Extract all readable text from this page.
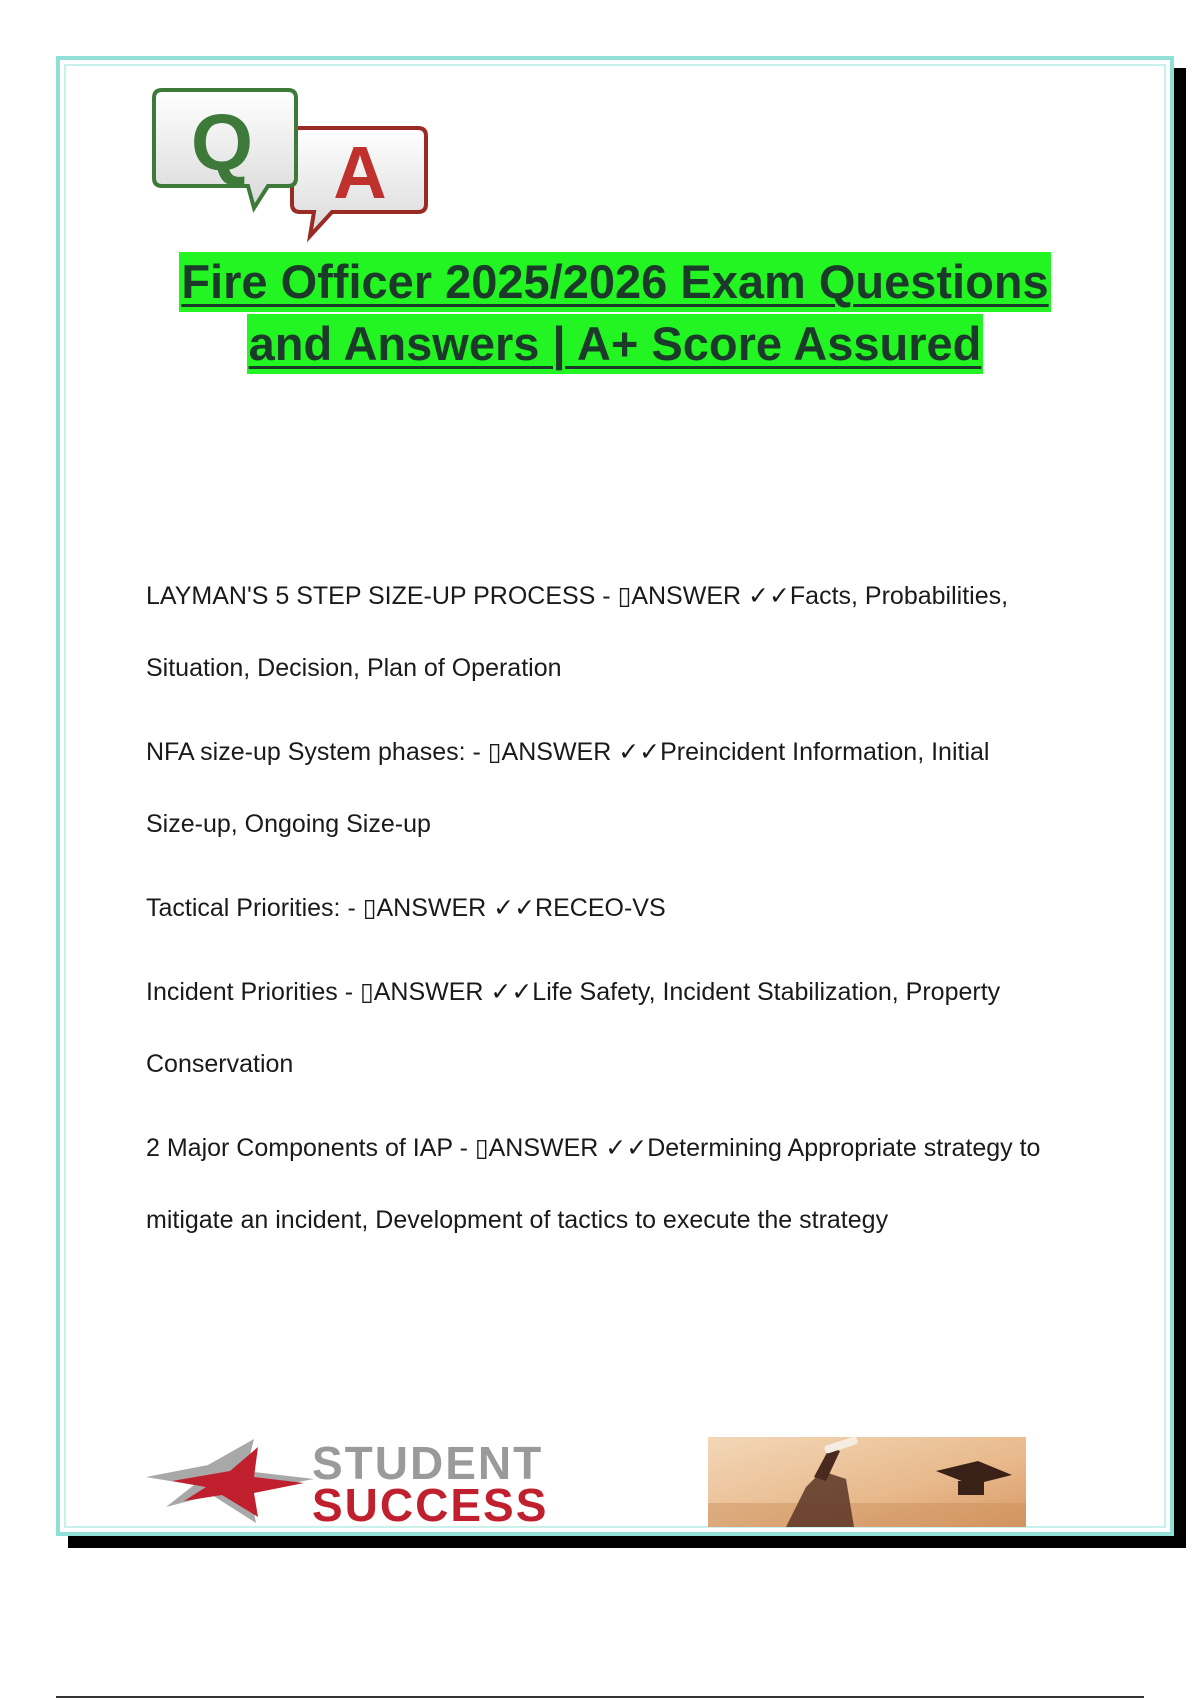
A
Q
Fire Officer 2025/2026 Exam Questions
and Answers | A+ Score Assured
LAYMAN'S 5 STEP SIZE-UP PROCESS - ▯ANSWER ✓✓Facts, Probabilities, Situation, Decision, Plan of Operation
NFA size-up System phases: - ▯ANSWER ✓✓Preincident Information, Initial Size-up, Ongoing Size-up
Tactical Priorities: - ▯ANSWER ✓✓RECEO-VS
Incident Priorities - ▯ANSWER ✓✓Life Safety, Incident Stabilization, Property Conservation
2 Major Components of IAP - ▯ANSWER ✓✓Determining Appropriate strategy to mitigate an incident, Development of tactics to execute the strategy
STUDENT
SUCCESS
